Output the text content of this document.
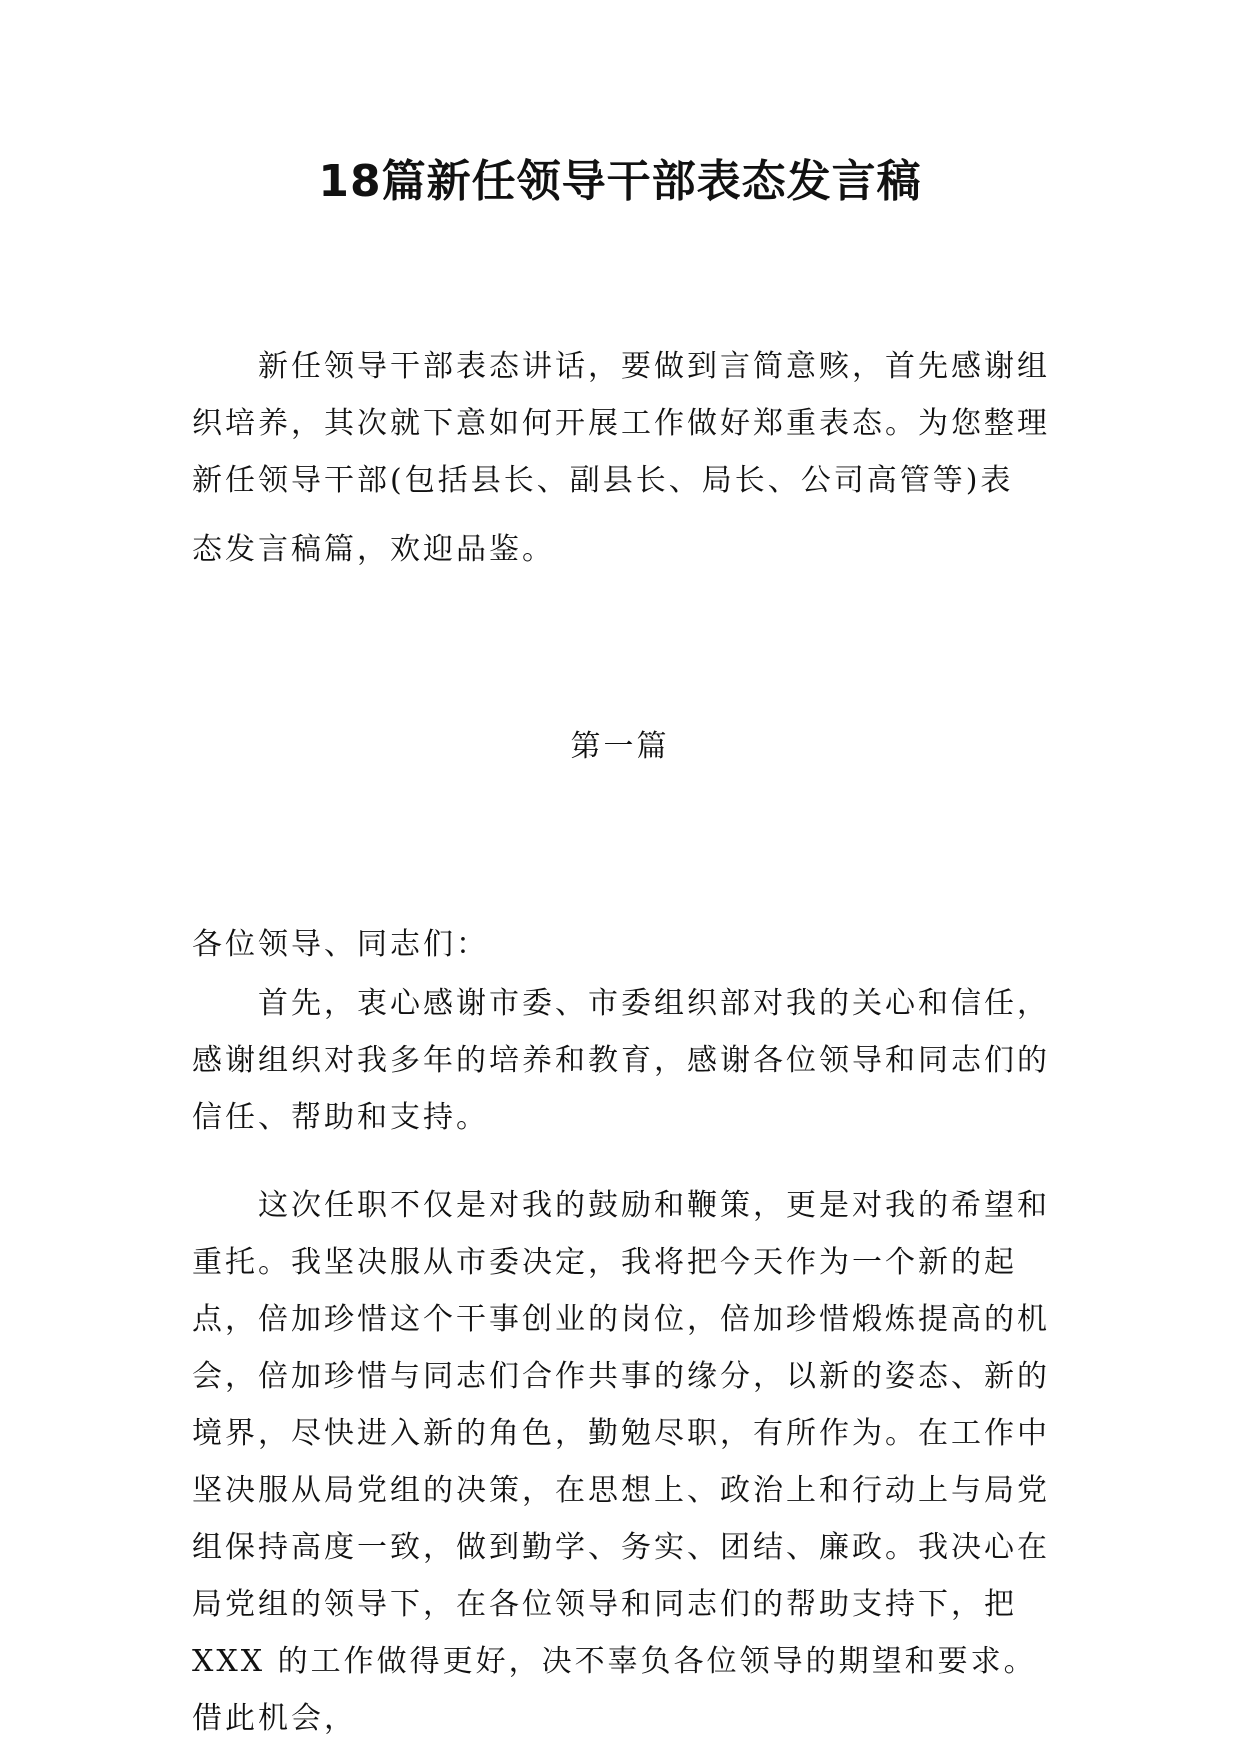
18篇新任领导干部表态发言稿

新任领导干部表态讲话，要做到言简意赅，首先感谢组织培养，其次就下意如何开展工作做好郑重表态。为您整理新任领导干部(包括县长、副县长、局长、公司高管等)表
态发言稿篇，欢迎品鉴。

第一篇

各位领导、同志们：

首先，衷心感谢市委、市委组织部对我的关心和信任，感谢组织对我多年的培养和教育，感谢各位领导和同志们的信任、帮助和支持。

这次任职不仅是对我的鼓励和鞭策，更是对我的希望和重托。我坚决服从市委决定，我将把今天作为一个新的起点，倍加珍惜这个干事创业的岗位，倍加珍惜煅炼提高的机会，倍加珍惜与同志们合作共事的缘分，以新的姿态、新的境界，尽快进入新的角色，勤勉尽职，有所作为。在工作中坚决服从局党组的决策，在思想上、政治上和行动上与局党组保持高度一致，做到勤学、务实、团结、廉政。我决心在局党组的领导下，在各位领导和同志们的帮助支持下，把 XXX 的工作做得更好，决不辜负各位领导的期望和要求。借此机会，
